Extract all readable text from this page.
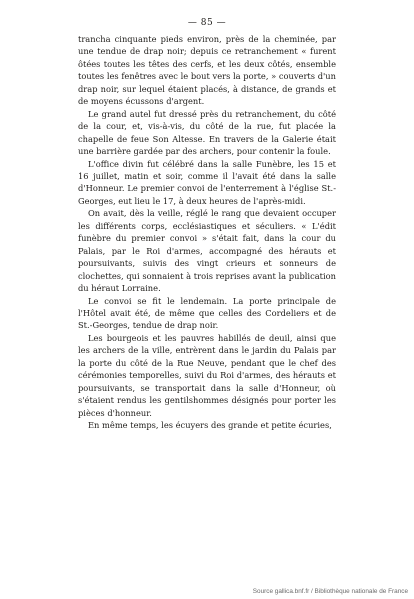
— 85 —

tranchа cinquante pieds environ, près de la cheminée, par une tendue de drap noir; depuis ce retranchement « furent ôtées toutes les têtes des cerfs, et les deux côtés, ensemble toutes les fenêtres avec le bout vers la porte, » couverts d'un drap noir, sur lequel étaient placés, à distance, de grands et de moyens écussons d'argent.

Le grand autel fut dressé près du retranchement, du côté de la cour, et, vis-à-vis, du côté de la rue, fut placée la chapelle de feue Son Altesse. En travers de la Galerie était une barrière gardée par des archers, pour contenir la foule.

L'office divin fut célébré dans la salle Funèbre, les 15 et 16 juillet, matin et soir, comme il l'avait été dans la salle d'Honneur. Le premier convoi de l'enterrement à l'église St.-Georges, eut lieu le 17, à deux heures de l'après-midi.

On avait, dès la veille, réglé le rang que devaient occuper les différents corps, ecclésiastiques et séculiers. « L'édit funèbre du premier convoi » s'était fait, dans la cour du Palais, par le Roi d'armes, accompagné des hérauts et poursuivants, suivis des vingt crieurs et sonneurs de clochettes, qui sonnaient à trois reprises avant la publication du héraut Lorraine.

Le convoi se fit le lendemain. La porte principale de l'Hôtel avait été, de même que celles des Cordeliers et de St.-Georges, tendue de drap noir.

Les bourgeois et les pauvres habillés de deuil, ainsi que les archers de la ville, entrèrent dans le jardin du Palais par la porte du côté de la Rue Neuve, pendant que le chef des cérémonies temporelles, suivi du Roi d'armes, des hérauts et poursuivants, se transportait dans la salle d'Honneur, où s'étaient rendus les gentilshommes désignés pour porter les pièces d'honneur.

En même temps, les écuyers des grande et petite écuries,

Source gallica.bnf.fr / Bibliothèque nationale de France
